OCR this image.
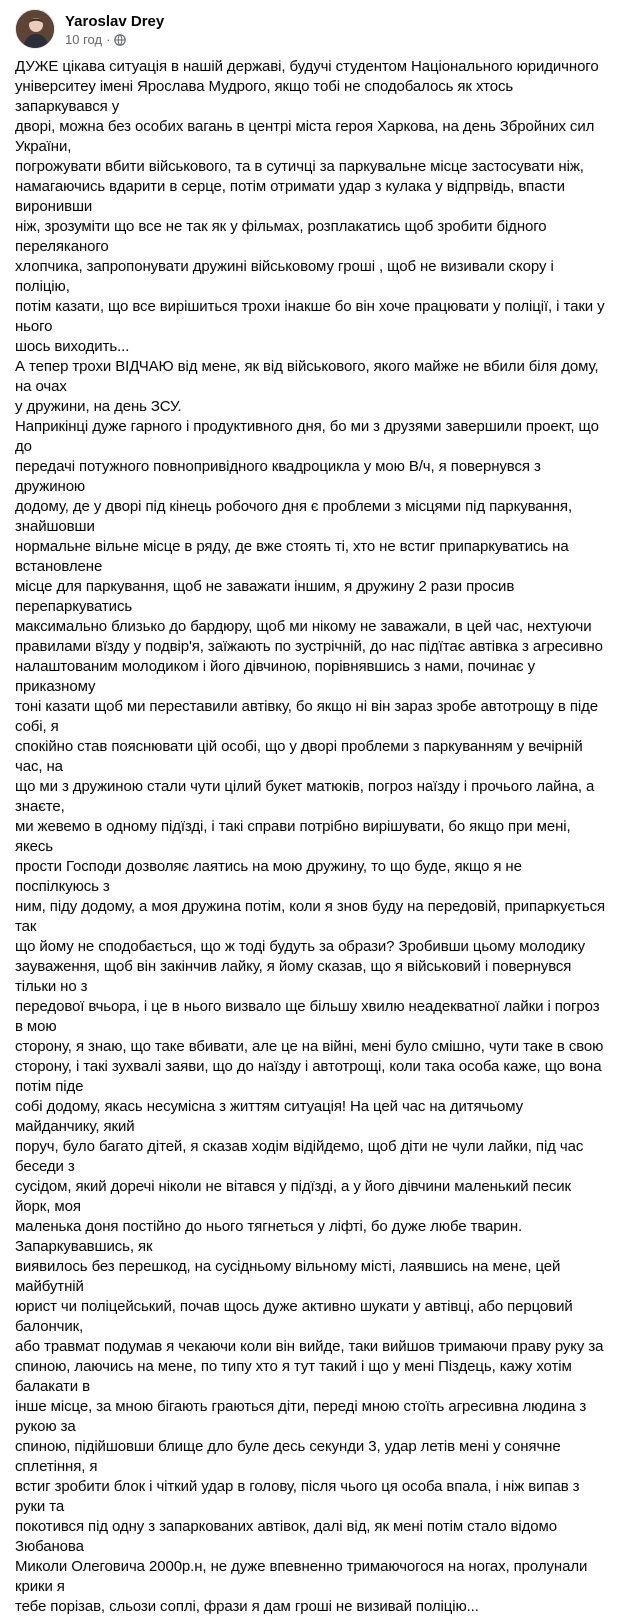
Yaroslav Drey
10 год ·

ДУЖЕ цікава ситуація в нашій державі, будучі студентом Національного юридичного
університеу імені Ярослава Мудрого, якщо тобі не сподобалось як хтось запаркувався у
дворі, можна без особих вагань в центрі міста героя Харкова, на день Збройних сил України,
погрожувати вбити військового, та в сутичці за паркувальне місце застосувати ніж,
намагаючись вдарити в серце, потім отримати удар з кулака у відпрвідь, впасти виронивши
ніж, зрозуміти що все не так як у фільмах, розплакатись щоб зробити бідного переляканого
хлопчика, запропонувати дружині військовому гроші , щоб не визивали скору і поліцію,
потім казати, що все вирішиться трохи інакше бо він хоче працювати у поліції, і таки у нього
шось виходить...

А тепер трохи ВІДЧАЮ від мене, як від військового, якого майже не вбили біля дому, на очах
у дружини, на день ЗСУ.

Наприкінці дуже гарного і продуктивного дня, бо ми з друзями завершили проект, що до
передачі потужного повнопривідного квадроцикла у мою В/ч, я повернувся з дружиною
додому, де у дворі під кінець робочого дня є проблеми з місцями під паркування, знайшовши
нормальне вільне місце в ряду, де вже стоять ті, хто не встиг припаркуватись на встановлене
місце для паркування, щоб не заважати іншим, я дружину 2 рази просив перепаркуватись
максимально близько до бардюру, щоб ми нікому не заважали, в цей час, нехтуючи
правилами вїзду у подвір'я, заїжають по зустрічній, до нас підїтає автівка з агресивно
налаштованим молодиком і його дівчиною, порівнявшись з нами, починає у приказному
тоні казати щоб ми переставили автівку, бо якщо ні він зараз зробе автотрощу в піде собі, я
спокійно став пояснювати цій особі, що у дворі проблеми з паркуванням у вечірній час, на
що ми з дружиною стали чути цілий букет матюків, погроз наїзду і прочього лайна, а знаєте,
ми жевемо в одному підїзді, і такі справи потрібно вирішувати, бо якщо при мені, якесь
прости Господи дозволяє лаятись на мою дружину, то що буде, якщо я не поспілкуюсь з
ним, піду додому, а моя дружина потім, коли я знов буду на передовій, припаркується так
що йому не сподобається, що ж тоді будуть за образи? Зробивши цьому молодику
зауваження, щоб він закінчив лайку, я йому сказав, що я військовий і повернувся тільки но з
передової вчьора, і це в нього визвало ще більшу хвилю неадекватної лайки і погроз в мою
сторону, я знаю, що таке вбивати, але це на війні, мені було смішно, чути таке в свою
сторону, і такі зухвалі заяви, що до наїзду і автотрощі, коли така особа каже, що вона потім піде
собі додому, якась несумісна з життям ситуація! На цей час на дитячьому майданчику, який
поруч, було багато дітей, я сказав ходім відійдемо, щоб діти не чули лайки, під час беседи з
сусідом, який доречі ніколи не вітався у підїзді, а у його дівчини маленький песик йорк, моя
маленька доня постійно до нього тягнеться у ліфті, бо дуже любе тварин. Запаркувавшись, як
виявилось без перешкод, на сусідньому вільному місті, лаявшись на мене, цей майбутній
юрист чи поліцейський, почав щось дуже активно шукати у автівці, або перцовий балончик,
або травмат подумав я чекаючи коли він вийде, таки вийшов тримаючи праву руку за
спиною, лаючись на мене, по типу хто я тут такий і що у мені Піздець, кажу хотім балакати в
інше місце, за мною бігають граються діти, переді мною стоїть агресивна людина з рукою за
спиною, підійшовши блище дло буле десь секунди 3, удар летів мені у сонячне сплетіння, я
встиг зробити блок і чіткий удар в голову, після чього ця особа впала, і ніж випав з руки та
покотився під одну з запаркованих автівок, далі від, як мені потім стало відомо Зюбанова
Миколи Олеговича 2000р.н, не дуже впевненно тримаючогося на ногах, пролунали крики я
тебе порізав, сльози соплі, фрази я дам гроші не визивай поліцію...
